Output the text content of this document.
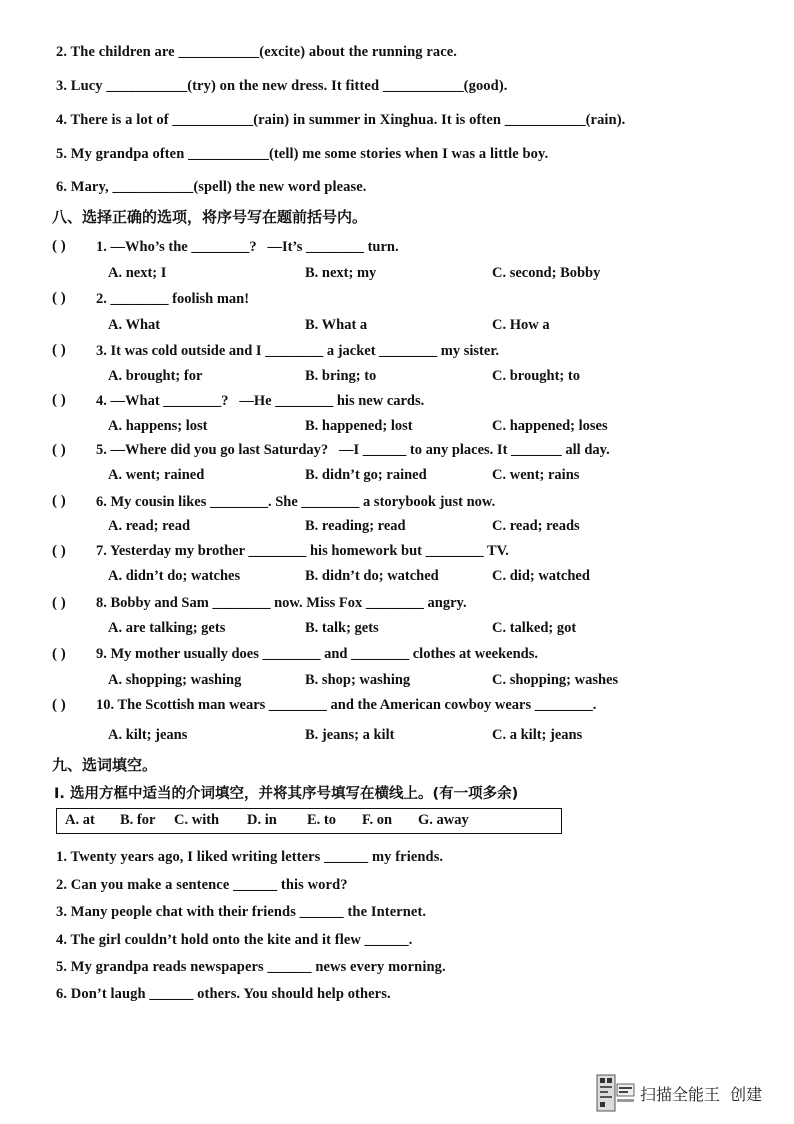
2. The children are ___________(excite) about the running race.
3. Lucy ___________(try) on the new dress. It fitted ___________(good).
4. There is a lot of ___________(rain) in summer in Xinghua. It is often ___________(rain).
5. My grandpa often ___________(tell) me some stories when I was a little boy.
6. Mary, ___________(spell) the new word please.
八、选择正确的选项，将序号写在题前括号内。
( ) 1. —Who’s the ________?   —It’s ________ turn.
A. next; I	B. next; my	C. second; Bobby
( ) 2. ________ foolish man!
A. What	B. What a	C. How a
( ) 3. It was cold outside and I ________ a jacket ________ my sister.
A. brought; for	B. bring; to	C. brought; to
( ) 4. —What ________?   —He ________ his new cards.
A. happens; lost	B. happened; lost	C. happened; loses
( ) 5. —Where did you go last Saturday?   —I ______ to any places. It _______ all day.
A. went; rained	B. didn’t go; rained	C. went; rains
( ) 6. My cousin likes ________. She ________ a storybook just now.
A. read; read	B. reading; read	C. read; reads
( ) 7. Yesterday my brother ________ his homework but ________ TV.
A. didn’t do; watches	B. didn’t do; watched	C. did; watched
( ) 8. Bobby and Sam ________ now. Miss Fox ________ angry.
A. are talking; gets	B. talk; gets	C. talked; got
( ) 9. My mother usually does ________ and ________ clothes at weekends.
A. shopping; washing	B. shop; washing	C. shopping; washes
( ) 10. The Scottish man wears ________ and the American cowboy wears ________.
A. kilt; jeans	B. jeans; a kilt	C. a kilt; jeans
九、选词填空。
I. 选用方框中适当的介词填空，并将其序号填写在横线上。(有一项多余)
A. at B. for C. with D. in E. to F. on G. away
1. Twenty years ago, I liked writing letters ______ my friends.
2. Can you make a sentence ______ this word?
3. Many people chat with their friends ______ the Internet.
4. The girl couldn’t hold onto the kite and it flew ______.
5. My grandpa reads newspapers ______ news every morning.
6. Don’t laugh ______ others. You should help others.
扫描全能王  创建
